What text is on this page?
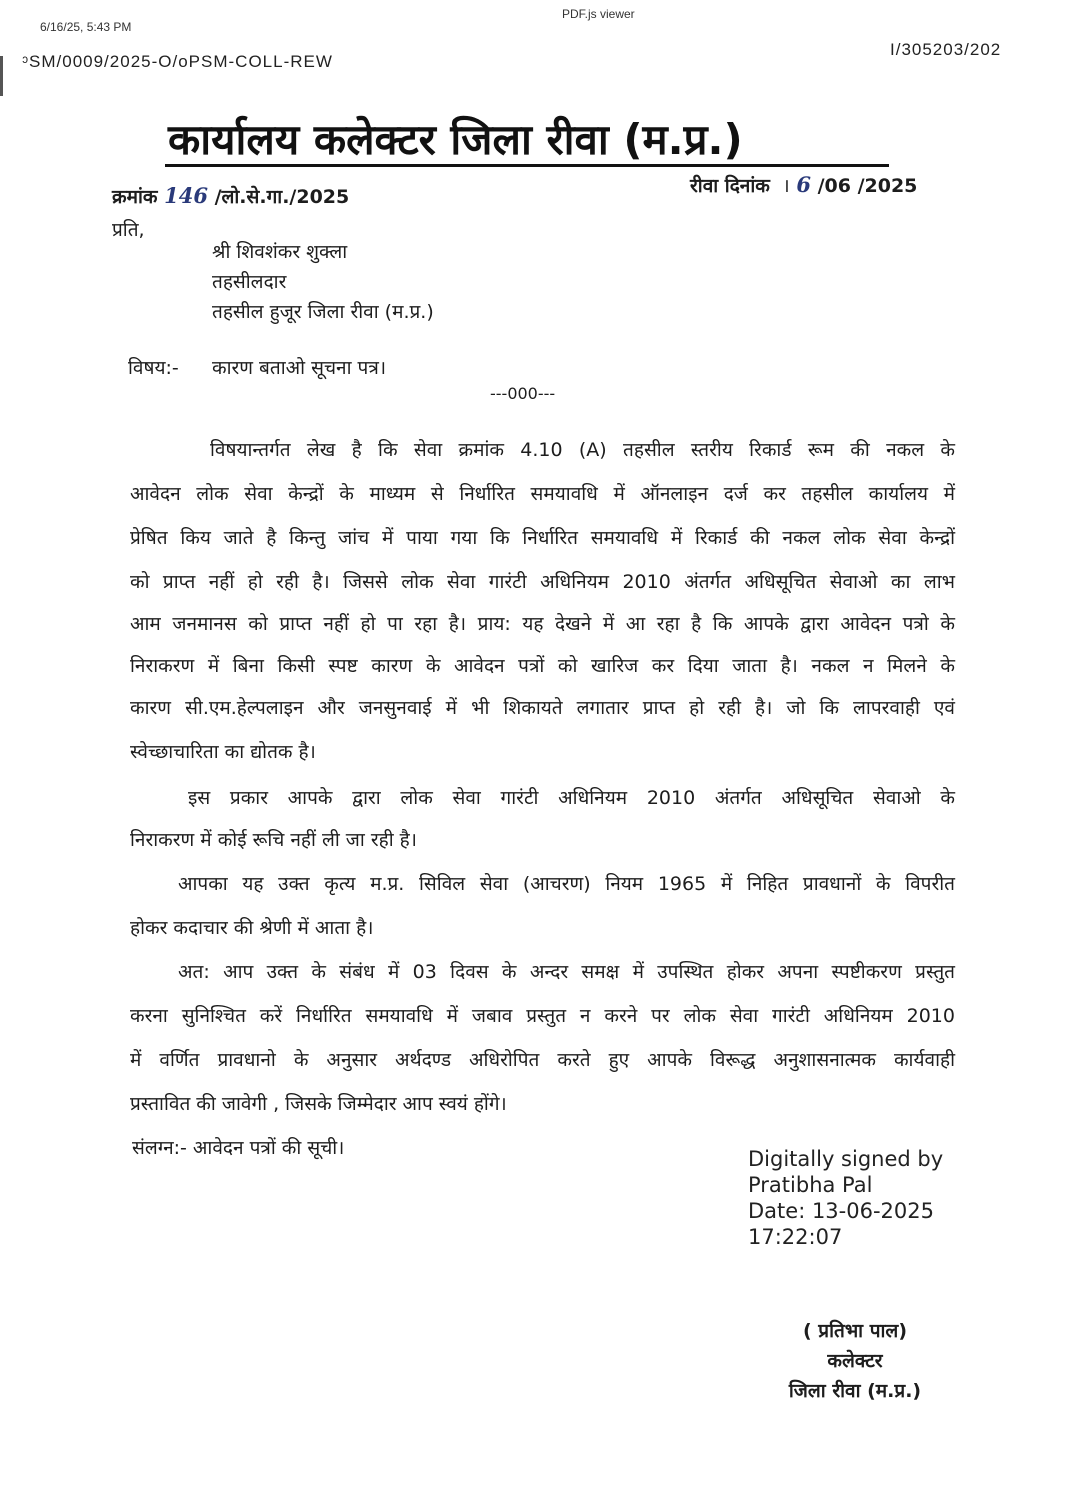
6/16/25, 5:43 PM
PDF.js viewer
ᵓSM/0009/2025-O/oPSM-COLL-REW
I/305203/202
कार्यालय कलेक्टर जिला रीवा (म.प्र.)
क्रमांक 146 /लो.से.गा./2025	रीवा दिनांक । 6 /06 /2025
प्रति,
श्री शिवशंकर शुक्ला
तहसीलदार
तहसील हुजूर जिला रीवा (म.प्र.)
विषय:- कारण बताओ सूचना पत्र।
---000---
विषयान्तर्गत लेख है कि सेवा क्रमांक 4.10 (A) तहसील स्तरीय रिकार्ड रूम की नकल के
आवेदन लोक सेवा केन्द्रों के माध्यम से निर्धारित समयावधि में ऑनलाइन दर्ज कर तहसील कार्यालय में
प्रेषित किय जाते है किन्तु जांच में पाया गया कि निर्धारित समयावधि में रिकार्ड की नकल लोक सेवा केन्द्रों
को प्राप्त नहीं हो रही है। जिससे लोक सेवा गारंटी अधिनियम 2010 अंतर्गत अधिसूचित सेवाओ का लाभ
आम जनमानस को प्राप्त नहीं हो पा रहा है। प्राय: यह देखने में आ रहा है कि आपके द्वारा आवेदन पत्रो के
निराकरण में बिना किसी स्पष्ट कारण के आवेदन पत्रों को खारिज कर दिया जाता है। नकल न मिलने के
कारण सी.एम.हेल्पलाइन और जनसुनवाई में भी शिकायते लगातार प्राप्त हो रही है। जो कि लापरवाही एवं
स्वेच्छाचारिता का द्योतक है।
इस प्रकार आपके द्वारा लोक सेवा गारंटी अधिनियम 2010 अंतर्गत अधिसूचित सेवाओ के
निराकरण में कोई रूचि नहीं ली जा रही है।
आपका यह उक्त कृत्य म.प्र. सिविल सेवा (आचरण) नियम 1965 में निहित प्रावधानों के विपरीत
होकर कदाचार की श्रेणी में आता है।
अत: आप उक्त के संबंध में 03 दिवस के अन्दर समक्ष में उपस्थित होकर अपना स्पष्टीकरण प्रस्तुत
करना सुनिश्चित करें निर्धारित समयावधि में जबाव प्रस्तुत न करने पर लोक सेवा गारंटी अधिनियम 2010
में वर्णित प्रावधानो के अनुसार अर्थदण्ड अधिरोपित करते हुए आपके विरूद्ध अनुशासनात्मक कार्यवाही
प्रस्तावित की जावेगी , जिसके जिम्मेदार आप स्वयं होंगे।
संलग्न:- आवेदन पत्रों की सूची।	Digitally signed by
Pratibha Pal
Date: 13-06-2025
17:22:07
( प्रतिभा पाल)
कलेक्टर
जिला रीवा (म.प्र.)
